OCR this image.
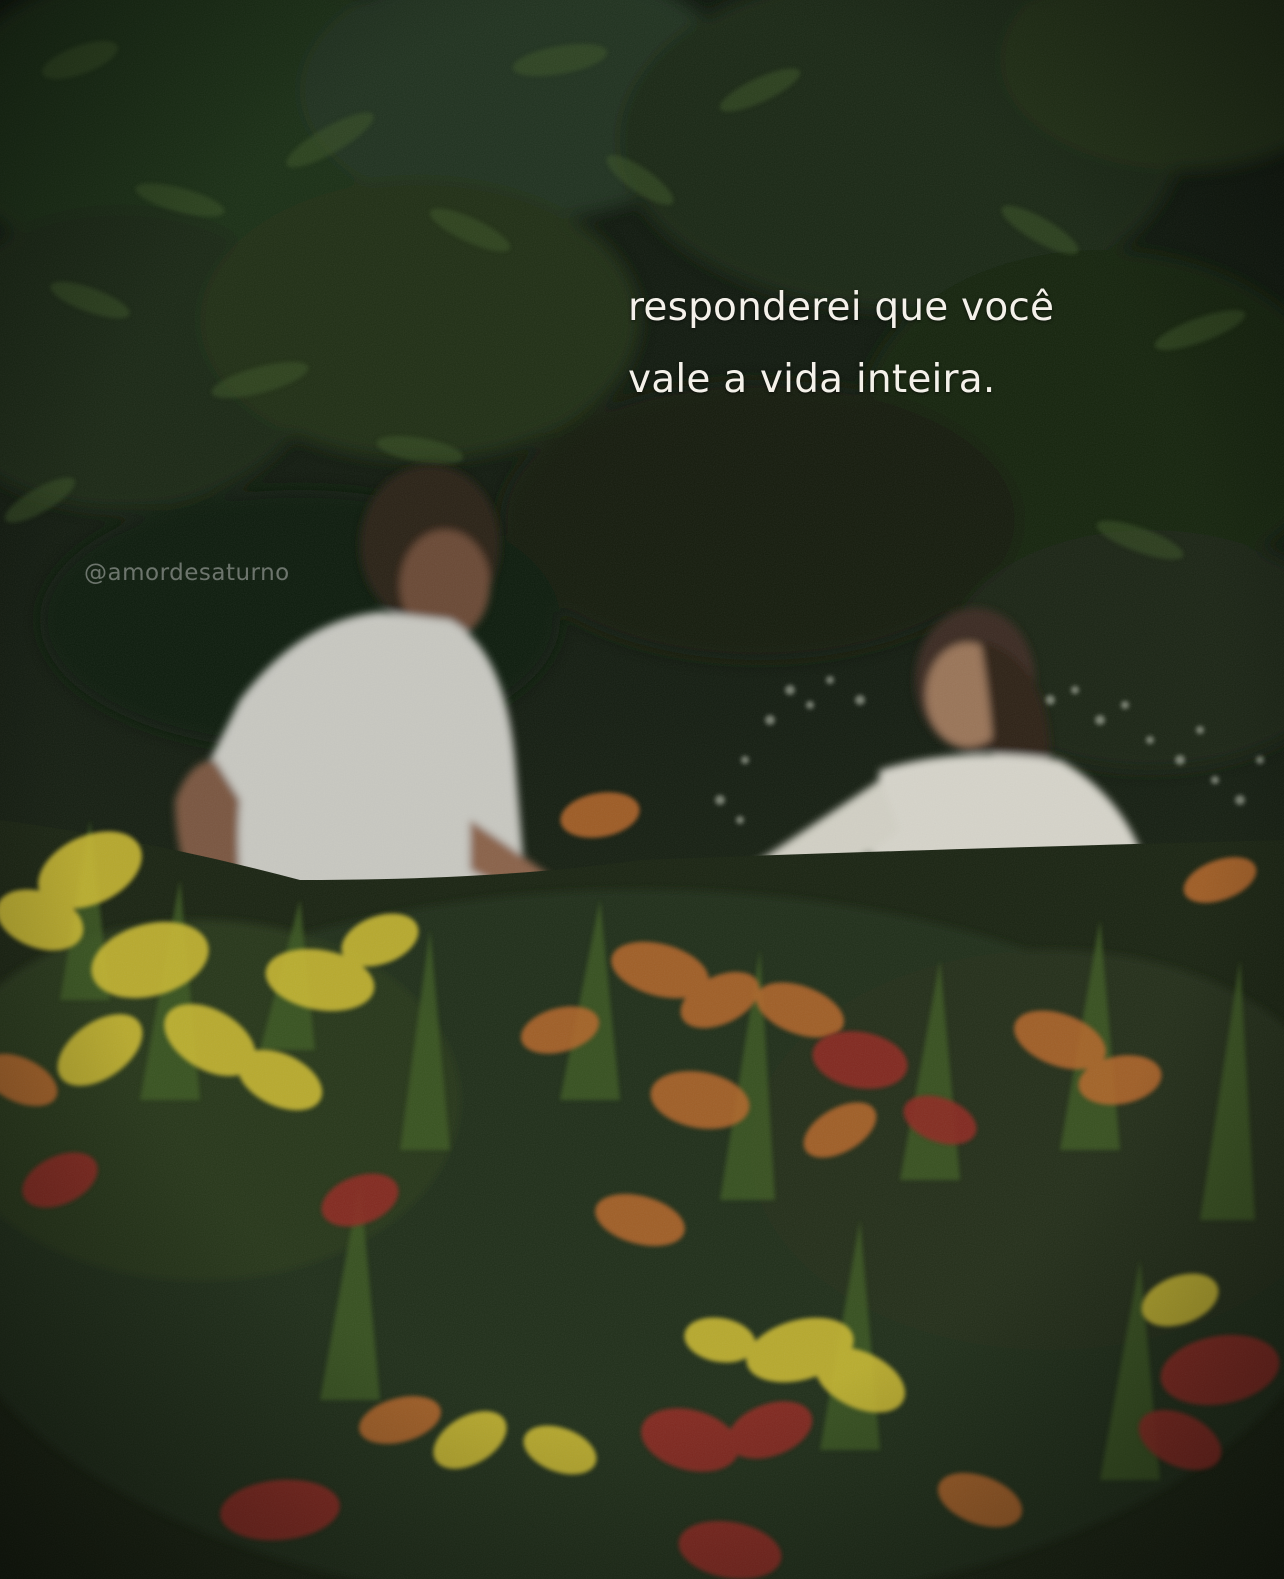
responderei que você
vale a vida inteira.

@amordesaturno
